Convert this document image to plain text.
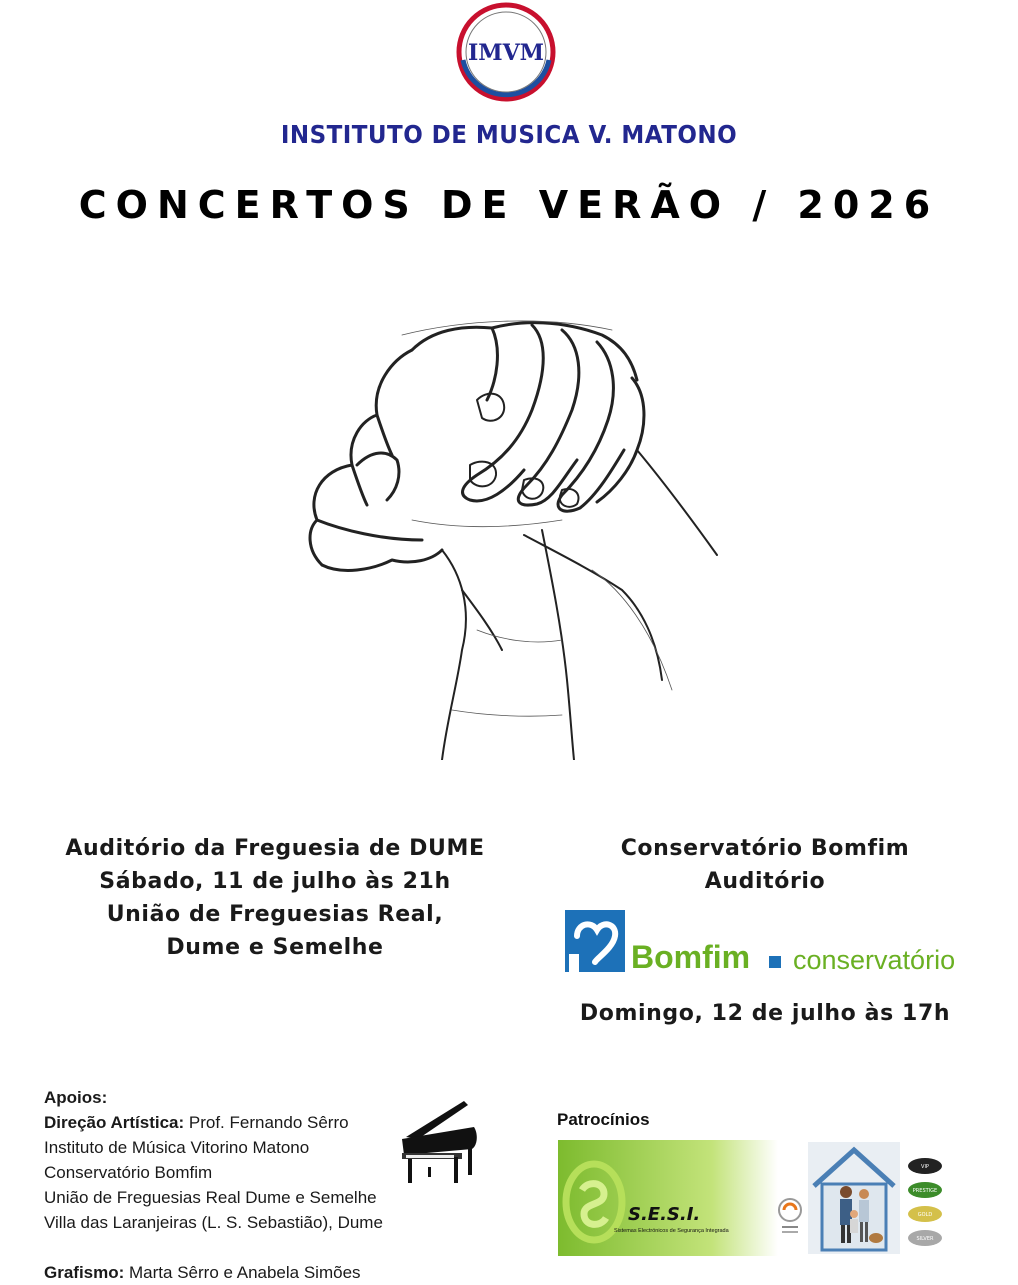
IMVM
INSTITUTO DE MUSICA V. MATONO
CONCERTOS DE VERÃO / 2026
Auditório da Freguesia de DUME
Sábado, 11 de julho às 21h
União de Freguesias Real,
Dume e Semelhe
Conservatório Bomfim
Auditório
Bomfim conservatório
Domingo, 12 de julho às 17h
Apoios:
Direção Artística: Prof. Fernando Sêrro
Instituto de Música Vitorino Matono
Conservatório Bomfim
União de Freguesias Real Dume e Semelhe
Villa das Laranjeiras (L. S. Sebastião), Dume
Grafismo: Marta Sêrro e Anabela Simões
Patrocínios
S.E.S.I.
Sistemas Electrónicos de Segurança Integrada
VIP
PRESTIGE
GOLD
SILVER
